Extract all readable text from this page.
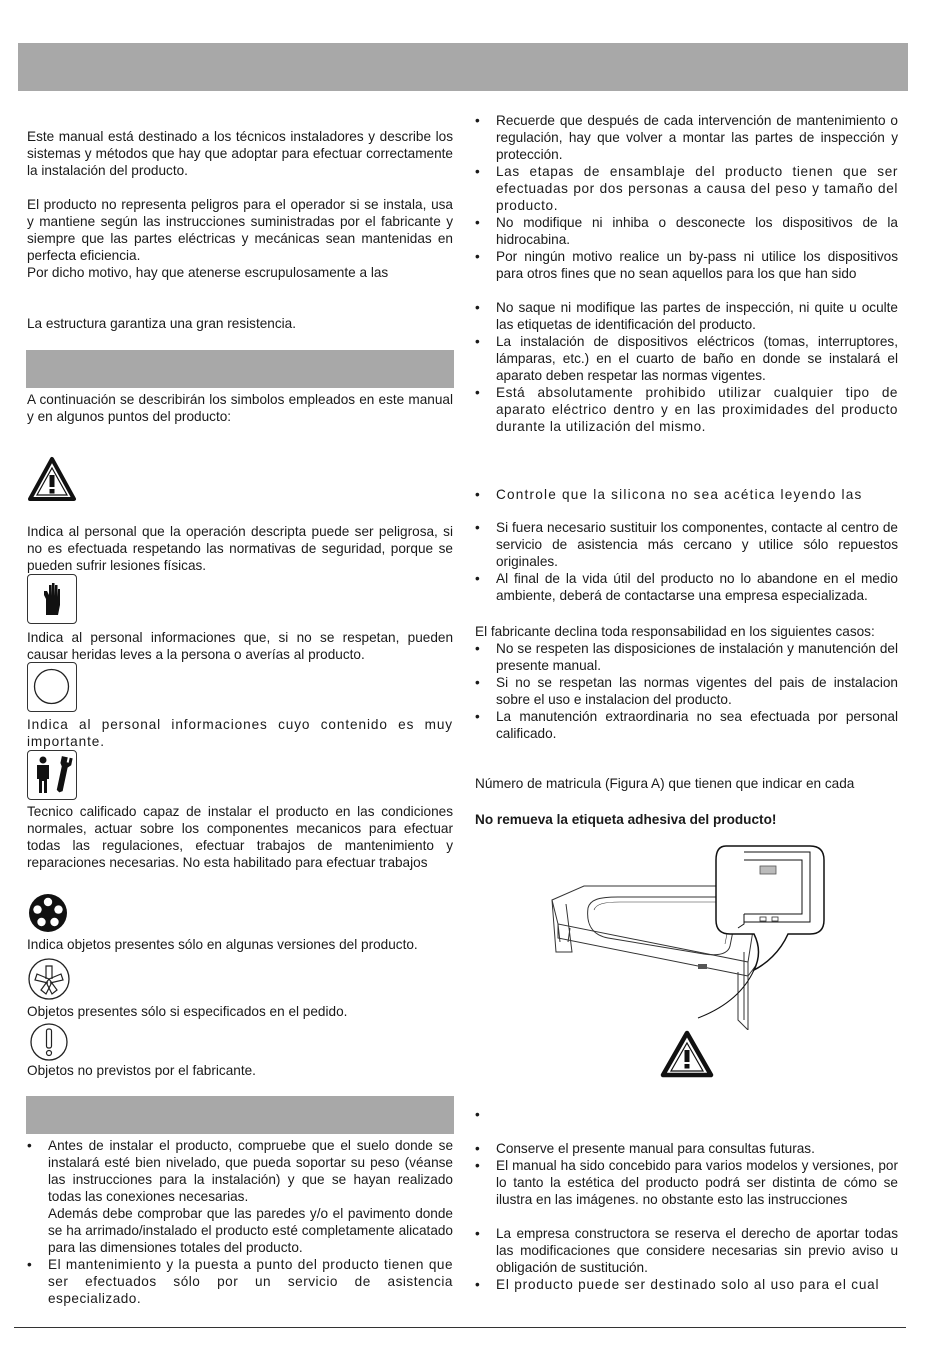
Este manual está destinado a los técnicos instaladores y describe los sistemas y métodos que hay que adoptar para efectuar correctamente la instalación del producto.

El producto no representa peligros para el operador si se instala, usa y mantiene según las instrucciones suministradas por el fabricante y siempre que las partes eléctricas y mecánicas sean mantenidas en perfecta eficiencia.

Por dicho motivo, hay que atenerse escrupulosamente a las

La estructura garantiza una gran resistencia.

A continuación se describirán los simbolos empleados en este manual y en algunos puntos del producto:

Indica al personal que la operación descripta puede ser peligrosa, si no es efectuada respetando las normativas de seguridad, porque se pueden sufrir lesiones físicas.

Indica al personal informaciones que, si no se respetan, pueden causar heridas leves a la persona o averías al producto.

Indica al personal informaciones cuyo contenido es muy importante.

Tecnico calificado capaz de instalar el producto en las condiciones normales, actuar sobre los componentes mecanicos para efectuar todas las regulaciones, efectuar trabajos de mantenimiento y reparaciones necesarias. No esta habilitado para efectuar trabajos

Indica objetos presentes sólo en algunas versiones del producto.

Objetos presentes sólo si especificados en el pedido.

Objetos no previstos por el fabricante.

• Antes de instalar el producto, compruebe que el suelo donde se instalará esté bien nivelado, que pueda soportar su peso (véanse las instrucciones para la instalación) y que se hayan realizado todas las conexiones necesarias.
Además debe comprobar que las paredes y/o el pavimento donde se ha arrimado/instalado el producto esté completamente alicatado para las dimensiones totales del producto.
• El mantenimiento y la puesta a punto del producto tienen que ser efectuados sólo por un servicio de asistencia especializado.
• Recuerde que después de cada intervención de mantenimiento o regulación, hay que volver a montar las partes de inspección y protección.
• Las etapas de ensamblaje del producto tienen que ser efectuadas por dos personas a causa del peso y tamaño del producto.
• No modifique ni inhiba o desconecte los dispositivos de la hidrocabina.
• Por ningún motivo realice un by-pass ni utilice los dispositivos para otros fines que no sean aquellos para los que han sido
• No saque ni modifique las partes de inspección, ni quite u oculte las etiquetas de identificación del producto.
• La instalación de dispositivos eléctricos (tomas, interruptores, lámparas, etc.) en el cuarto de baño en donde se instalará el aparato deben respetar las normas vigentes.
• Está absolutamente prohibido utilizar cualquier tipo de aparato eléctrico dentro y en las proximidades del producto durante la utilización del mismo.
• Controle que la silicona no sea acética leyendo las
• Si fuera necesario sustituir los componentes, contacte al centro de servicio de asistencia más cercano y utilice sólo repuestos originales.
• Al final de la vida útil del producto no lo abandone en el medio ambiente, deberá de contactarse una empresa especializada.

El fabricante declina toda responsabilidad en los siguientes casos:

• No se respeten las disposiciones de instalación y manutención del presente manual.
• Si no se respetan las normas vigentes del pais de instalacion sobre el uso e instalacion del producto.
• La manutención extraordinaria no sea efectuada por personal calificado.

Número de matricula (Figura A) que tienen que indicar en cada

No remueva la etiqueta adhesiva del producto!

•
• Conserve el presente manual para consultas futuras.
• El manual ha sido concebido para varios modelos y versiones, por lo tanto la estética del producto podrá ser distinta de cómo se ilustra en las imágenes. no obstante esto las instrucciones
• La empresa constructora se reserva el derecho de aportar todas las modificaciones que considere necesarias sin previo aviso u obligación de sustitución.
• El producto puede ser destinado solo al uso para el cual
